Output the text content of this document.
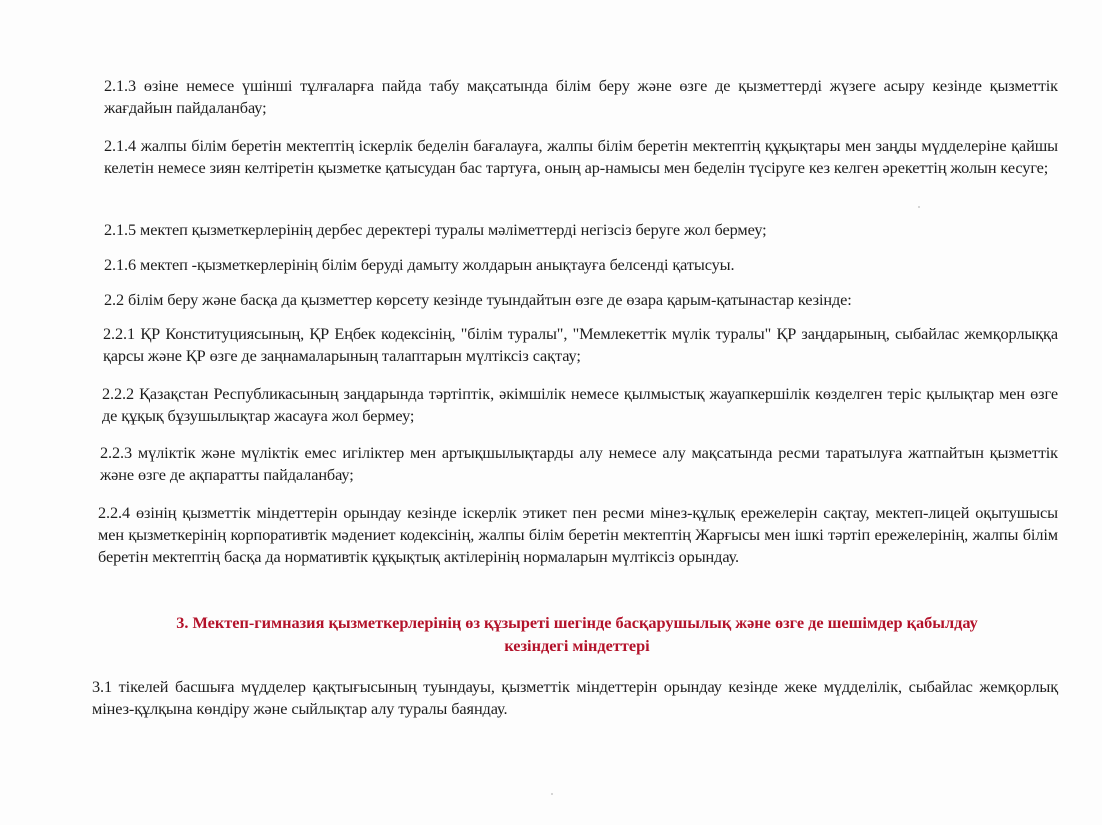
2.1.3 өзіне немесе үшінші тұлғаларға пайда табу мақсатында білім беру және өзге де қызметтерді жүзеге асыру кезінде қызметтік жағдайын пайдаланбау;

2.1.4 жалпы білім беретін мектептің іскерлік беделін бағалауға, жалпы білім беретін мектептің құқықтары мен заңды мүдделеріне қайшы келетін немесе зиян келтіретін қызметке қатысудан бас тартуға, оның ар-намысы мен беделін түсіруге кез келген әрекеттің жолын кесуге;

2.1.5 мектеп қызметкерлерінің дербес деректері туралы мәліметтерді негізсіз беруге жол бермеу;

2.1.6 мектеп -қызметкерлерінің білім беруді дамыту жолдарын анықтауға белсенді қатысуы.

2.2 білім беру және басқа да қызметтер көрсету кезінде туындайтын өзге де өзара қарым-қатынастар кезінде:

2.2.1 ҚР Конституциясының, ҚР Еңбек кодексінің, "білім туралы", "Мемлекеттік мүлік туралы" ҚР заңдарының, сыбайлас жемқорлыққа қарсы және ҚР өзге де заңнамаларының талаптарын мүлтіксіз сақтау;

2.2.2 Қазақстан Республикасының заңдарында тәртіптік, әкімшілік немесе қылмыстық жауапкершілік көзделген теріс қылықтар мен өзге де құқық бұзушылықтар жасауға жол бермеу;

2.2.3 мүліктік және мүліктік емес игіліктер мен артықшылықтарды алу немесе алу мақсатында ресми таратылуға жатпайтын қызметтік және өзге де ақпаратты пайдаланбау;

2.2.4 өзінің қызметтік міндеттерін орындау кезінде іскерлік этикет пен ресми мінез-құлық ережелерін сақтау, мектеп-лицей оқытушысы мен қызметкерінің корпоративтік мәдениет кодексінің, жалпы білім беретін мектептің Жарғысы мен ішкі тәртіп ережелерінің, жалпы білім беретін мектептің басқа да нормативтік құқықтық актілерінің нормаларын мүлтіксіз орындау.

3. Мектеп-гимназия қызметкерлерінің өз құзыреті шегінде басқарушылық және өзге де шешімдер қабылдау
кезіндегі міндеттері

3.1 тікелей басшыға мүдделер қақтығысының туындауы, қызметтік міндеттерін орындау кезінде жеке мүдделілік, сыбайлас жемқорлық мінез-құлқына көндіру және сыйлықтар алу туралы баяндау.
